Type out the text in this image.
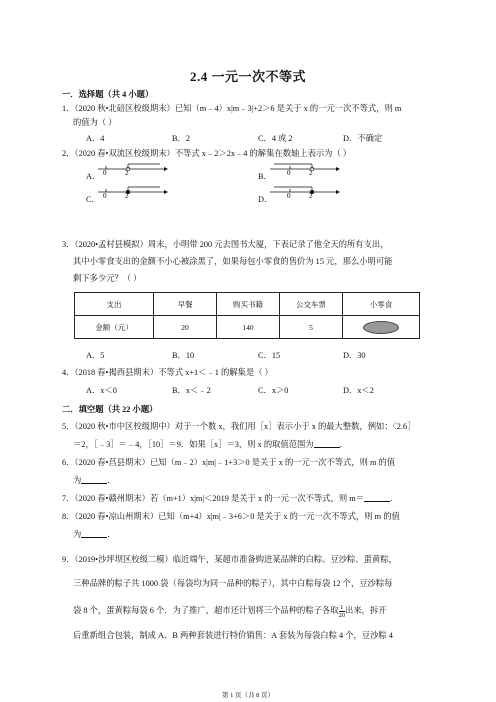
2.4 一元一次不等式
一．选择题（共 4 小题）
1．（2020 秋•北碚区校级期末）已知（m﹣4）x|m﹣3|+2＞6 是关于 x 的一元一次不等式，则 m
的值为（ ）
A．4	B．2	C．4 或 2	D．不确定
2．（2020 春•双流区校级期末）不等式 x﹣2＞2x﹣4 的解集在数轴上表示为（ ）
A． 0	2	B． 0	2
C． 0	2	D． 0	2
3．（2020•孟村县模拟）周末，小明带 200 元去图书大厦，下表记录了他全天的所有支出，
其中小零食支出的金额不小心被涂黑了，如果每包小零食的售价为 15 元，那么小明可能
剩下多少元？（ ）
支出	早餐	购买书籍	公交车票	小零食
金额（元）	20	140	5	
A．5	B．10	C．15	D．30
4．（2018 春•揭西县期末）不等式 x+1＜﹣1 的解集是（ ）
A．x＜0	B．x＜﹣2	C．x＞0	D．x＜2
二．填空题（共 22 小题）
5．（2020 秋•市中区校级期中）对于一个数 x，我们用［x］表示小于 x 的最大整数，例如：〈2.6］
＝2，［﹣3］＝﹣4，［10］＝9．如果［x］＝3，则 x 的取值范围为	．
6．（2020 春•莒县期末）已知（m﹣2）x|m|﹣1+3＞0 是关于 x 的一元一次不等式，则 m 的值
为	．
7．（2020 春•赣州期末）若（m+1）x|m|＜2019 是关于 x 的一元一次不等式，则 m＝	．
8．（2020 春•凉山州期末）已知（m+4）x|m|﹣3+6＞0 是关于 x 的一元一次不等式，则 m 的值
为	．
9．（2019•沙坪坝区校级二模）临近端午，某超市准备购进某品牌的白粽、豆沙粽、蛋黄粽，
三种品牌的粽子共 1000 袋（每袋均为同一品种的粽子），其中白粽每袋 12 个，豆沙粽每
袋 8 个，蛋黄粽每袋 6 个．为了推广，超市还计划将三个品种的粽子各取 $\frac{1}{20}$ 出来，拆开
后重新组合包装，制成 A、B 两种套装进行特价销售：A 套装为每袋白粽 4 个，豆沙粽 4
第 1 页（共 8 页）
